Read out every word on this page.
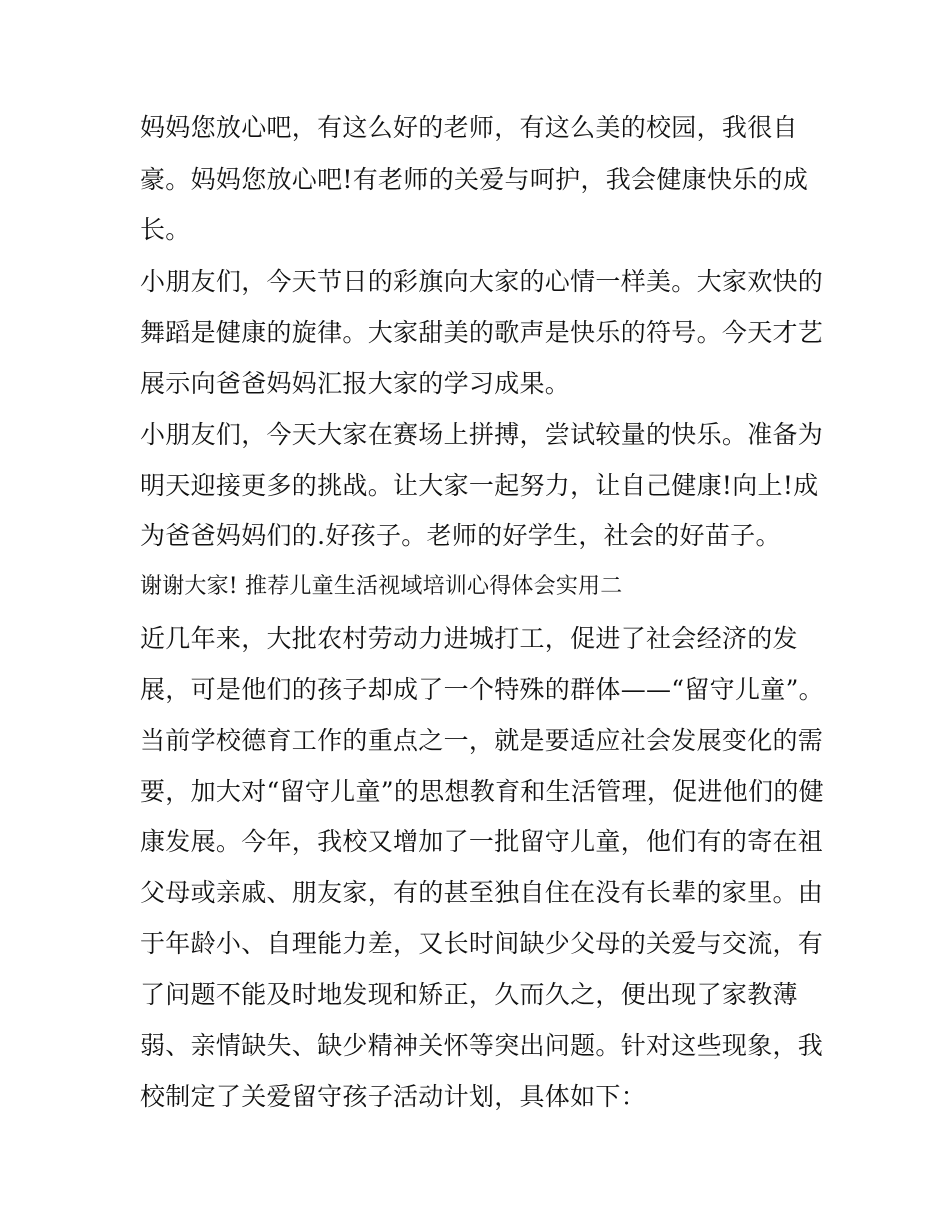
妈妈您放心吧，有这么好的老师，有这么美的校园，我很自

豪。妈妈您放心吧!有老师的关爱与呵护，我会健康快乐的成

长。

小朋友们，今天节日的彩旗向大家的心情一样美。大家欢快的

舞蹈是健康的旋律。大家甜美的歌声是快乐的符号。今天才艺

展示向爸爸妈妈汇报大家的学习成果。

小朋友们，今天大家在赛场上拼搏，尝试较量的快乐。准备为

明天迎接更多的挑战。让大家一起努力，让自己健康!向上!成

为爸爸妈妈们的.好孩子。老师的好学生，社会的好苗子。

谢谢大家! 推荐儿童生活视域培训心得体会实用二

近几年来，大批农村劳动力进城打工，促进了社会经济的发

展，可是他们的孩子却成了一个特殊的群体——“留守儿童”。

当前学校德育工作的重点之一，就是要适应社会发展变化的需

要，加大对“留守儿童”的思想教育和生活管理，促进他们的健

康发展。今年，我校又增加了一批留守儿童，他们有的寄在祖

父母或亲戚、朋友家，有的甚至独自住在没有长辈的家里。由

于年龄小、自理能力差，又长时间缺少父母的关爱与交流，有

了问题不能及时地发现和矫正，久而久之，便出现了家教薄

弱、亲情缺失、缺少精神关怀等突出问题。针对这些现象，我

校制定了关爱留守孩子活动计划，具体如下：
